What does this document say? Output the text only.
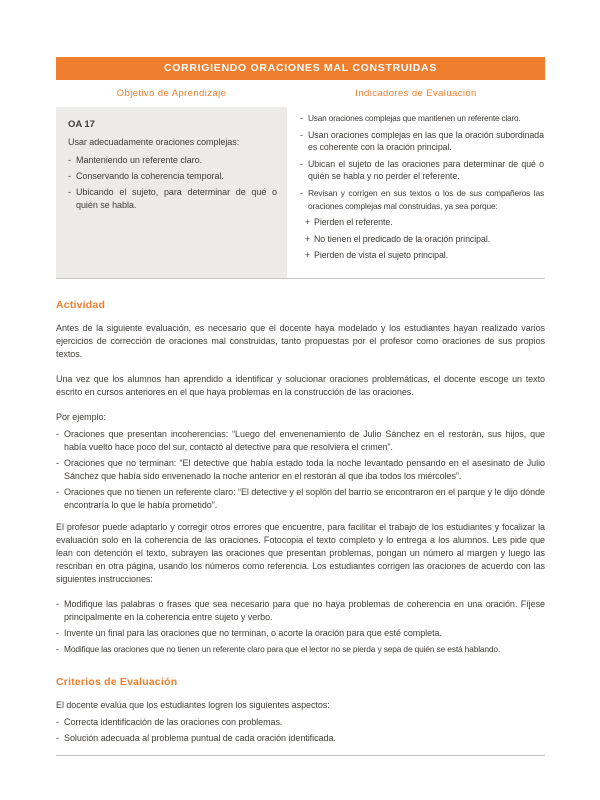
CORRIGIENDO ORACIONES MAL CONSTRUIDAS
Objetivo de Aprendizaje	Indicadores de Evaluación
OA 17
Usar adecuadamente oraciones complejas:
- Manteniendo un referente claro.
- Conservando la coherencia temporal.
- Ubicando el sujeto, para determinar de qué o quién se habla.
- Usan oraciones complejas que mantienen un referente claro.
- Usan oraciones complejas en las que la oración subordinada es coherente con la oración principal.
- Ubican el sujeto de las oraciones para determinar de qué o quién se habla y no perder el referente.
- Revisan y corrigen en sus textos o los de sus compañeros las oraciones complejas mal construidas, ya sea porque:
+ Pierden el referente.
+ No tienen el predicado de la oración principal.
+ Pierden de vista el sujeto principal.
Actividad

Antes de la siguiente evaluación, es necesario que el docente haya modelado y los estudiantes hayan realizado varios ejercicios de corrección de oraciones mal construidas, tanto propuestas por el profesor como oraciones de sus propios textos.

Una vez que los alumnos han aprendido a identificar y solucionar oraciones problemáticas, el docente escoge un texto escrito en cursos anteriores en el que haya problemas en la construcción de las oraciones.

Por ejemplo:

- Oraciones que presentan incoherencias: “Luego del envenenamiento de Julio Sánchez en el restorán, sus hijos, que había vuelto hace poco del sur, contactó al detective para que resolviera el crimen”.
- Oraciones que no terminan: “El detective que había estado toda la noche levantado pensando en el asesinato de Julio Sánchez que había sido envenenado la noche anterior en el restorán al que iba todos los miércoles”.
- Oraciones que no tienen un referente claro: “El detective y el soplón del barrio se encontraron en el parque y le dijo dónde encontraría lo que le había prometido”.

El profesor puede adaptarlo y corregir otros errores que encuentre, para facilitar el trabajo de los estudiantes y focalizar la evaluación solo en la coherencia de las oraciones. Fotocopia el texto completo y lo entrega a los alumnos. Les pide que lean con detención el texto, subrayen las oraciones que presentan problemas, pongan un número al margen y luego las rescriban en otra página, usando los números como referencia. Los estudiantes corrigen las oraciones de acuerdo con las siguientes instrucciones:

- Modifique las palabras o frases que sea necesario para que no haya problemas de coherencia en una oración. Fíjese principalmente en la coherencia entre sujeto y verbo.
- Invente un final para las oraciones que no terminan, o acorte la oración para que esté completa.
- Modifique las oraciones que no tienen un referente claro para que el lector no se pierda y sepa de quién se está hablando.
Criterios de Evaluación

El docente evalúa que los estudiantes logren los siguientes aspectos:

- Correcta identificación de las oraciones con problemas.
- Solución adecuada al problema puntual de cada oración identificada.
